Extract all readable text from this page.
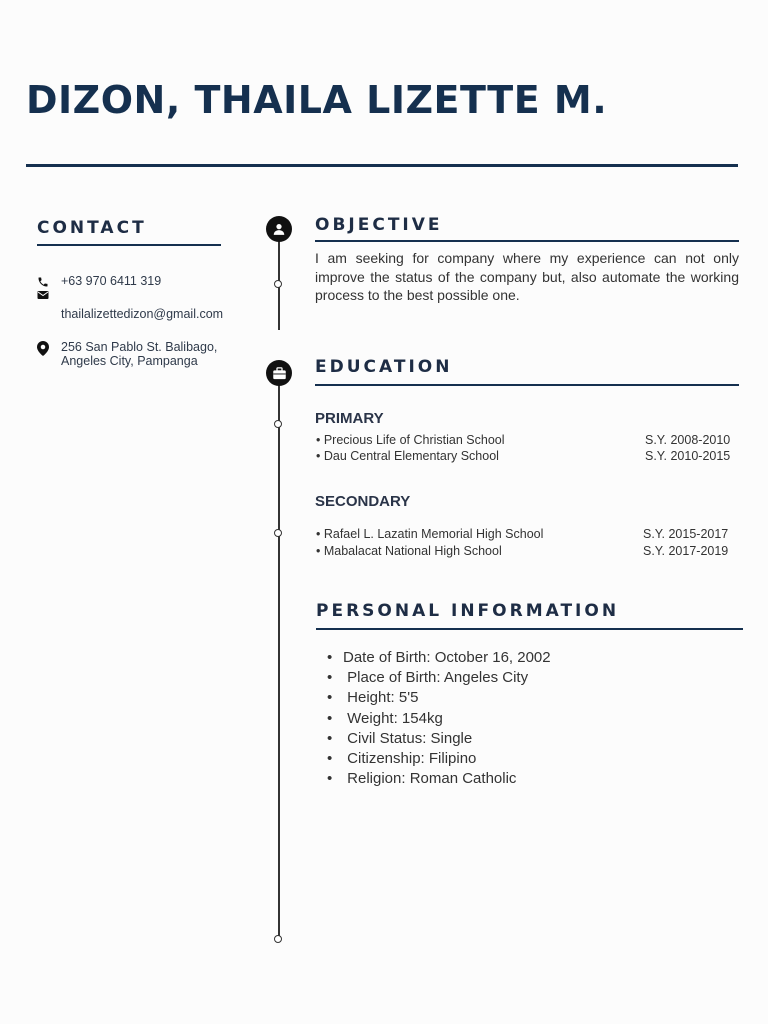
DIZON, THAILA LIZETTE M.
CONTACT
+63 970 6411 319
thailalizettedizon@gmail.com
256 San Pablo St. Balibago,
Angeles City, Pampanga
OBJECTIVE
I am seeking for company where my experience can not only improve the status of the company but, also automate the working process to the best possible one.
EDUCATION
PRIMARY
• Precious Life of Christian School	S.Y. 2008-2010
• Dau Central Elementary School	S.Y. 2010-2015
SECONDARY
• Rafael L. Lazatin Memorial High School	S.Y. 2015-2017
• Mabalacat National High School	S.Y. 2017-2019
PERSONAL INFORMATION
• Date of Birth: October 16, 2002
• Place of Birth: Angeles City
• Height: 5'5
• Weight: 154kg
• Civil Status: Single
• Citizenship: Filipino
• Religion: Roman Catholic
